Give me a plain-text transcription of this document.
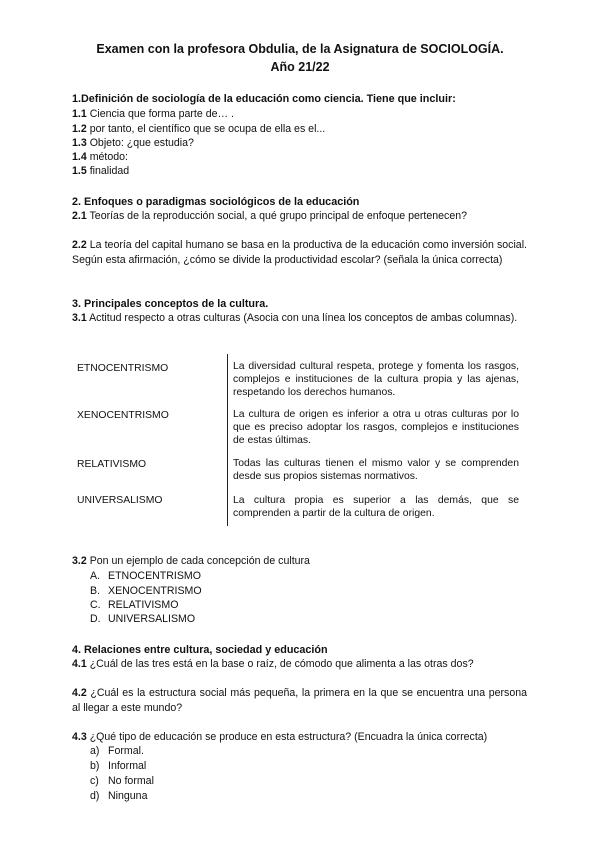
Examen con la profesora Obdulia, de la Asignatura de SOCIOLOGÍA.
Año 21/22
1.Definición de sociología de la educación como ciencia. Tiene que incluir:
1.1 Ciencia que forma parte de… .
1.2 por tanto, el científico que se ocupa de ella es el...
1.3 Objeto: ¿que estudia?
1.4 método:
1.5 finalidad
2. Enfoques o paradigmas sociológicos de la educación
2.1 Teorías de la reproducción social, a qué grupo principal de enfoque pertenecen?
2.2 La teoría del capital humano se basa en la productiva de la educación como inversión social. Según esta afirmación, ¿cómo se divide la productividad escolar? (señala la única correcta)
3. Principales conceptos de la cultura.
3.1 Actitud respecto a otras culturas (Asocia con una línea los conceptos de ambas columnas).
ETNOCENTRISMO
XENOCENTRISMO
RELATIVISMO
UNIVERSALISMO
La diversidad cultural respeta, protege y fomenta los rasgos, complejos e instituciones de la cultura propia y las ajenas, respetando los derechos humanos.
La cultura de origen es inferior a otra u otras culturas por lo que es preciso adoptar los rasgos, complejos e instituciones de estas últimas.
Todas las culturas tienen el mismo valor y se comprenden desde sus propios sistemas normativos.
La cultura propia es superior a las demás, que se comprenden a partir de la cultura de origen.
3.2 Pon un ejemplo de cada concepción de cultura
A. ETNOCENTRISMO
B. XENOCENTRISMO
C. RELATIVISMO
D. UNIVERSALISMO
4. Relaciones entre cultura, sociedad y educación
4.1 ¿Cuál de las tres está en la base o raíz, de cómodo que alimenta a las otras dos?
4.2 ¿Cuál es la estructura social más pequeña, la primera en la que se encuentra una persona al llegar a este mundo?
4.3 ¿Qué tipo de educación se produce en esta estructura? (Encuadra la única correcta)
a) Formal.
b) Informal
c) No formal
d) Ninguna
